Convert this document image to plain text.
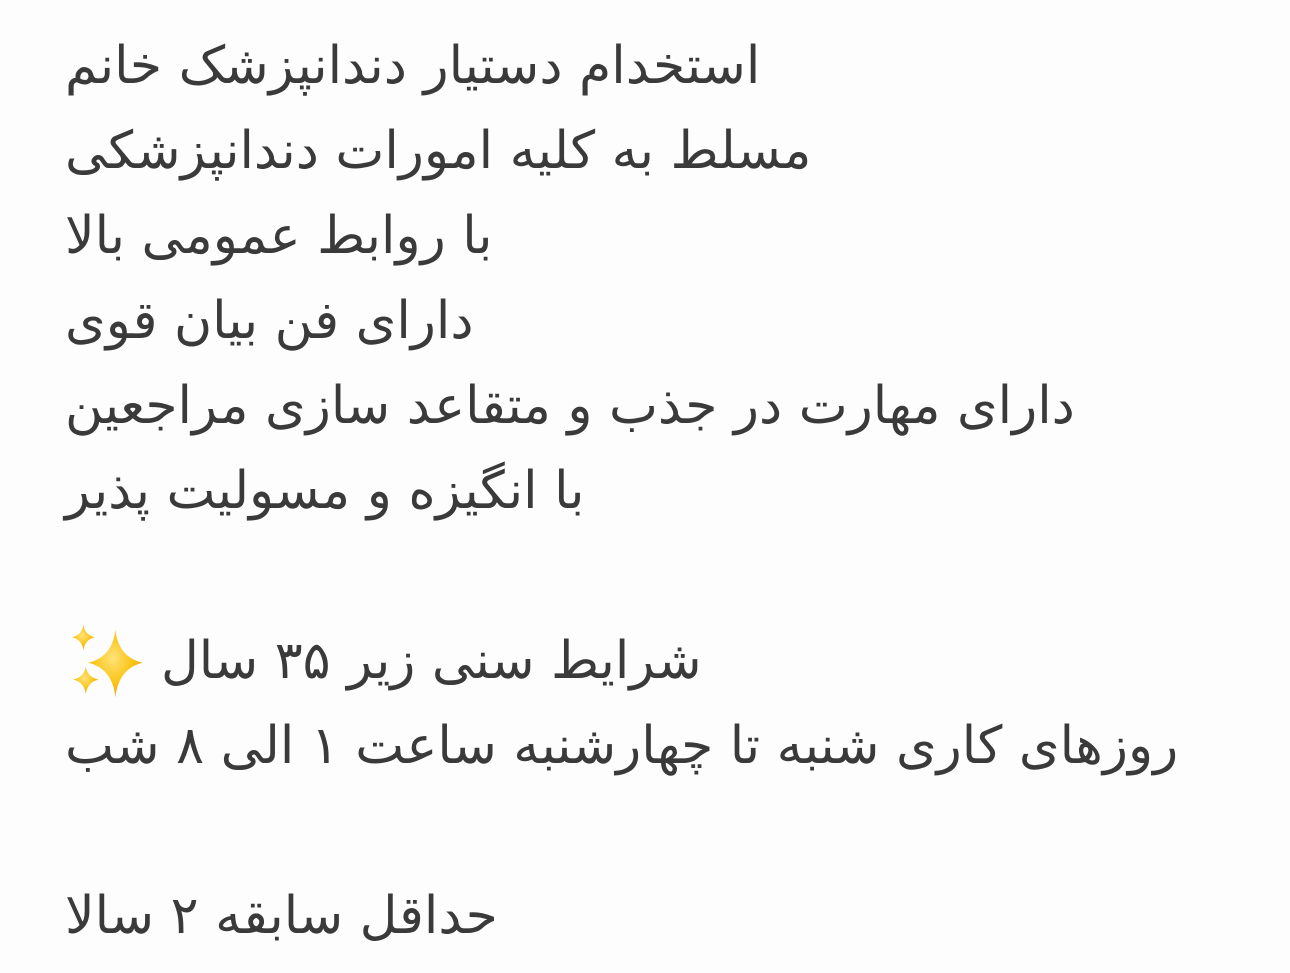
استخدام دستیار دندانپزشک خانم
مسلط به کلیه امورات دندانپزشکی
با روابط عمومی بالا
دارای فن بیان قوی
دارای مهارت در جذب و متقاعد سازی مراجعین
با انگیزه و مسولیت پذیر
شرایط سنی زیر ۳۵ سال
روزهای کاری شنبه تا چهارشنبه ساعت ۱ الی ۸ شب
حداقل سابقه ۲ سالا
